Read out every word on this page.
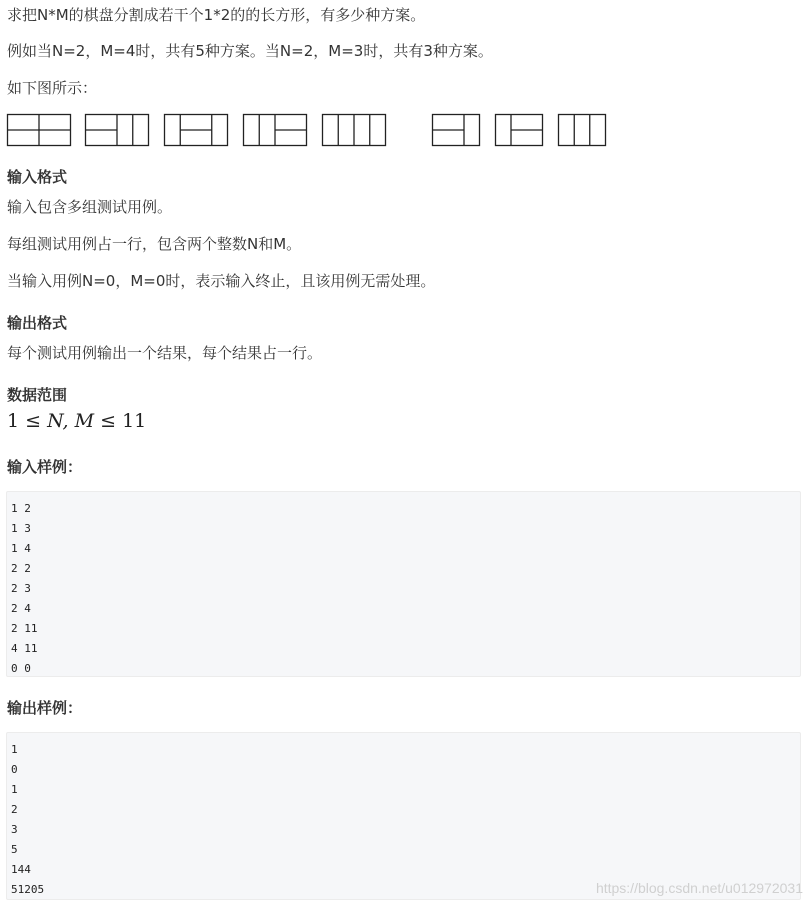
求把N*M的棋盘分割成若干个1*2的的长方形，有多少种方案。
例如当N=2，M=4时，共有5种方案。当N=2，M=3时，共有3种方案。
如下图所示：
输入格式
输入包含多组测试用例。
每组测试用例占一行，包含两个整数N和M。
当输入用例N=0，M=0时，表示输入终止，且该用例无需处理。
输出格式
每个测试用例输出一个结果，每个结果占一行。
数据范围
1 ≤ N, M ≤ 11
输入样例：
1 2
1 3
1 4
2 2
2 3
2 4
2 11
4 11
0 0
输出样例：
1
0
1
2
3
5
144
51205	https://blog.csdn.net/u012972031
